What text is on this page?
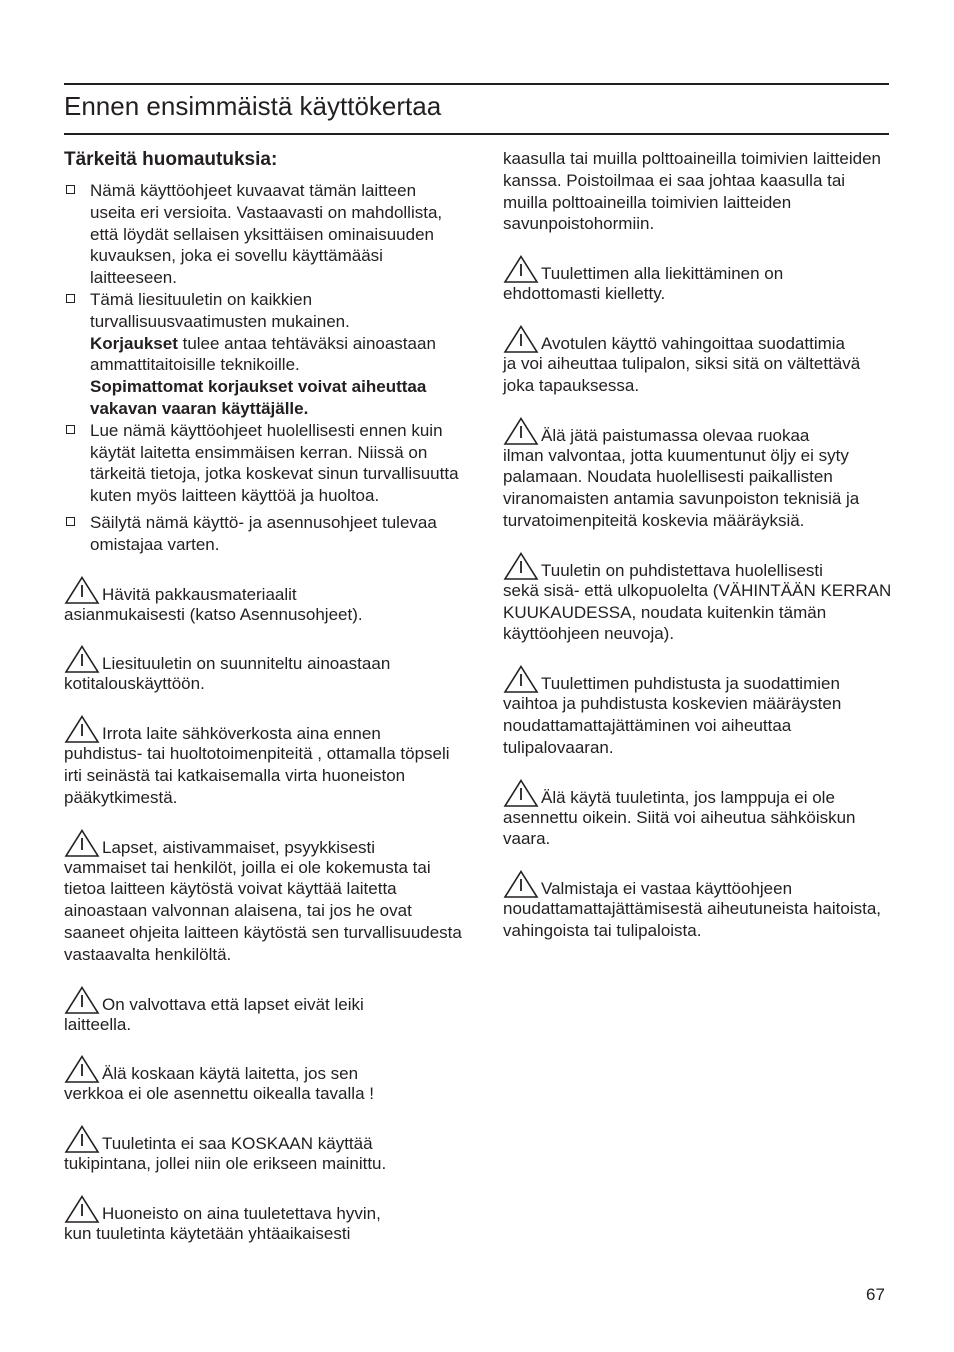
Ennen ensimmäistä käyttökertaa

Tärkeitä huomautuksia:

Nämä käyttöohjeet kuvaavat tämän laitteen useita eri versioita. Vastaavasti on mahdollista, että löydät sellaisen yksittäisen ominaisuuden kuvauksen, joka ei sovellu käyttämääsi laitteeseen.
Tämä liesituuletin on kaikkien turvallisuusvaatimusten mukainen.
Korjaukset tulee antaa tehtäväksi ainoastaan ammattitaitoisille teknikoille.
Sopimattomat korjaukset voivat aiheuttaa vakavan vaaran käyttäjälle.
Lue nämä käyttöohjeet huolellisesti ennen kuin käytät laitetta ensimmäisen kerran. Niissä on tärkeitä tietoja, jotka koskevat sinun turvallisuutta kuten myös laitteen käyttöä ja huoltoa.
Säilytä nämä käyttö- ja asennusohjeet tulevaa omistajaa varten.
Hävitä pakkausmateriaalit
asianmukaisesti (katso Asennusohjeet).
Liesituuletin on suunniteltu ainoastaan
kotitalouskäyttöön.
Irrota laite sähköverkosta aina ennen
puhdistus- tai huoltotoimenpiteitä , ottamalla töpseli irti seinästä tai katkaisemalla virta huoneiston pääkytkimestä.
Lapset, aistivammaiset, psyykkisesti
vammaiset tai henkilöt, joilla ei ole kokemusta tai tietoa laitteen käytöstä voivat käyttää laitetta ainoastaan valvonnan alaisena, tai jos he ovat saaneet ohjeita laitteen käytöstä sen turvallisuudesta vastaavalta henkilöltä.
On valvottava että lapset eivät leiki
laitteella.
Älä koskaan käytä laitetta, jos sen
verkkoa ei ole asennettu oikealla tavalla !
Tuuletinta ei saa KOSKAAN käyttää
tukipintana, jollei niin ole erikseen mainittu.
Huoneisto on aina tuuletettava hyvin,
kun tuuletinta käytetään yhtäaikaisesti

kaasulla tai muilla polttoaineilla toimivien laitteiden kanssa. Poistoilmaa ei saa johtaa kaasulla tai muilla polttoaineilla toimivien laitteiden savunpoistohormiin.

Tuulettimen alla liekittäminen on
ehdottomasti kielletty.
Avotulen käyttö vahingoittaa suodattimia
ja voi aiheuttaa tulipalon, siksi sitä on vältettävä joka tapauksessa.
Älä jätä paistumassa olevaa ruokaa
ilman valvontaa, jotta kuumentunut öljy ei syty palamaan. Noudata huolellisesti paikallisten viranomaisten antamia savunpoiston teknisiä ja turvatoimenpiteitä koskevia määräyksiä.
Tuuletin on puhdistettava huolellisesti
sekä sisä- että ulkopuolelta (VÄHINTÄÄN KERRAN KUUKAUDESSA, noudata kuitenkin tämän käyttöohjeen neuvoja).
Tuulettimen puhdistusta ja suodattimien
vaihtoa ja puhdistusta koskevien määräysten noudattamattajättäminen voi aiheuttaa tulipalovaaran.
Älä käytä tuuletinta, jos lamppuja ei ole
asennettu oikein. Siitä voi aiheutua sähköiskun vaara.
Valmistaja ei vastaa käyttöohjeen
noudattamattajättämisestä aiheutuneista haitoista, vahingoista tai tulipaloista.
67
